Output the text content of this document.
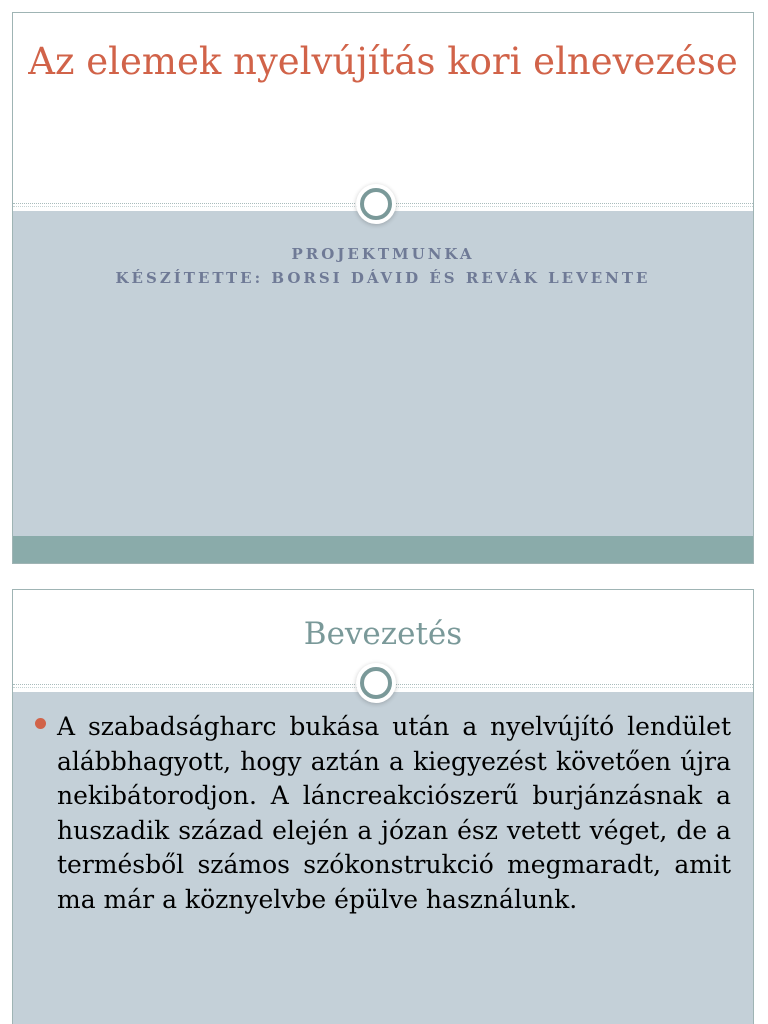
Az elemek nyelvújítás kori elnevezése
PROJEKTMUNKA
KÉSZÍTETTE: BORSI DÁVID ÉS REVÁK LEVENTE
Bevezetés
A szabadságharc bukása után a nyelvújító lendület alábbhagyott, hogy aztán a kiegyezést követően újra nekibátorodjon. A láncreakciószerű burjánzásnak a huszadik század elején a józan ész vetett véget, de a termésből számos szókonstrukció megmaradt, amit ma már a köznyelvbe épülve használunk.
